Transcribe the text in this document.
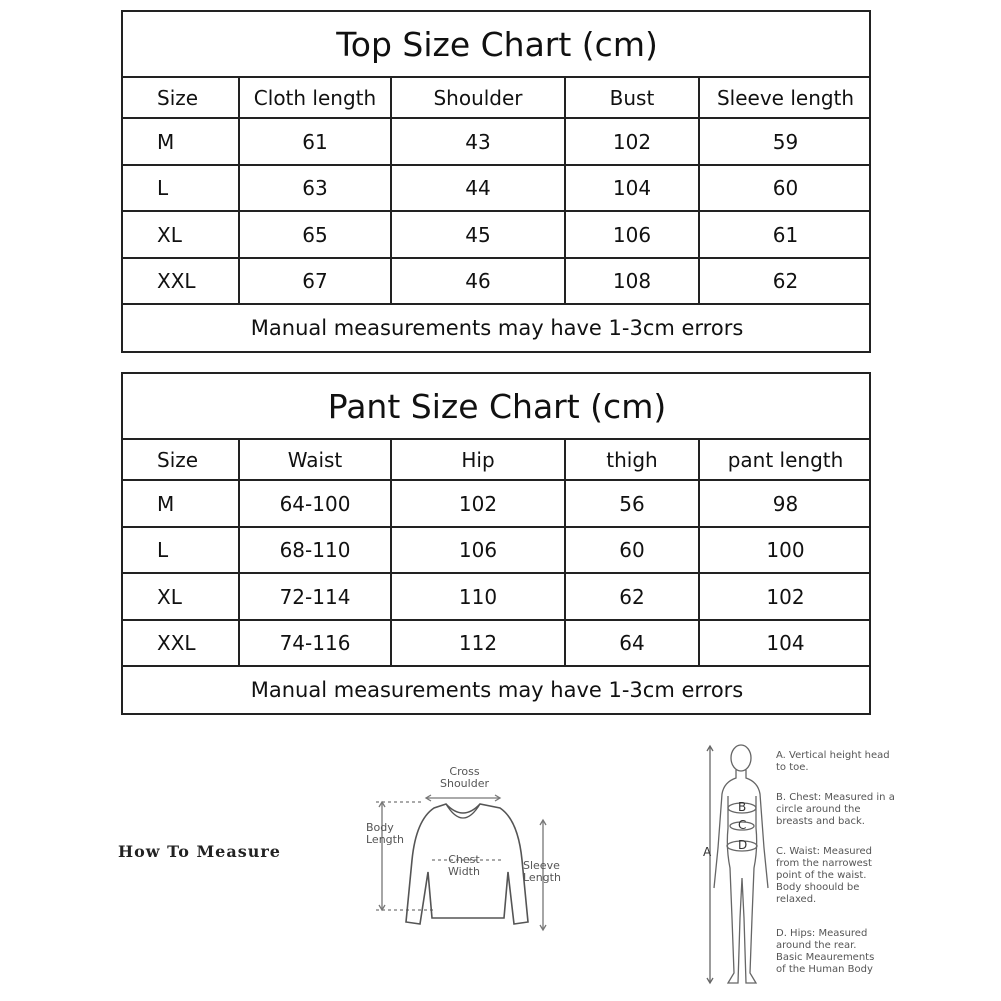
Top Size Chart (cm)				
Size	Cloth length	Shoulder	Bust	Sleeve length
M	61	43	102	59
L	63	44	104	60
XL	65	45	106	61
XXL	67	46	108	62
Manual measurements may have 1-3cm errors				
Pant Size Chart (cm)				
Size	Waist	Hip	thigh	pant length
M	64-100	102	56	98
L	68-110	106	60	100
XL	72-114	110	62	102
XXL	74-116	112	64	104
Manual measurements may have 1-3cm errors				
How To Measure
Cross
Shoulder
Body
Length
Chest
Width	Sleeve
Length
A
B
C
D
A. Vertical height head
to toe.
B. Chest: Measured in a
circle around the
breasts and back.
C. Waist: Measured
from the narrowest
point of the waist.
Body shoould be
relaxed.
D. Hips: Measured
around the rear.
Basic Meaurements
of the Human Body
